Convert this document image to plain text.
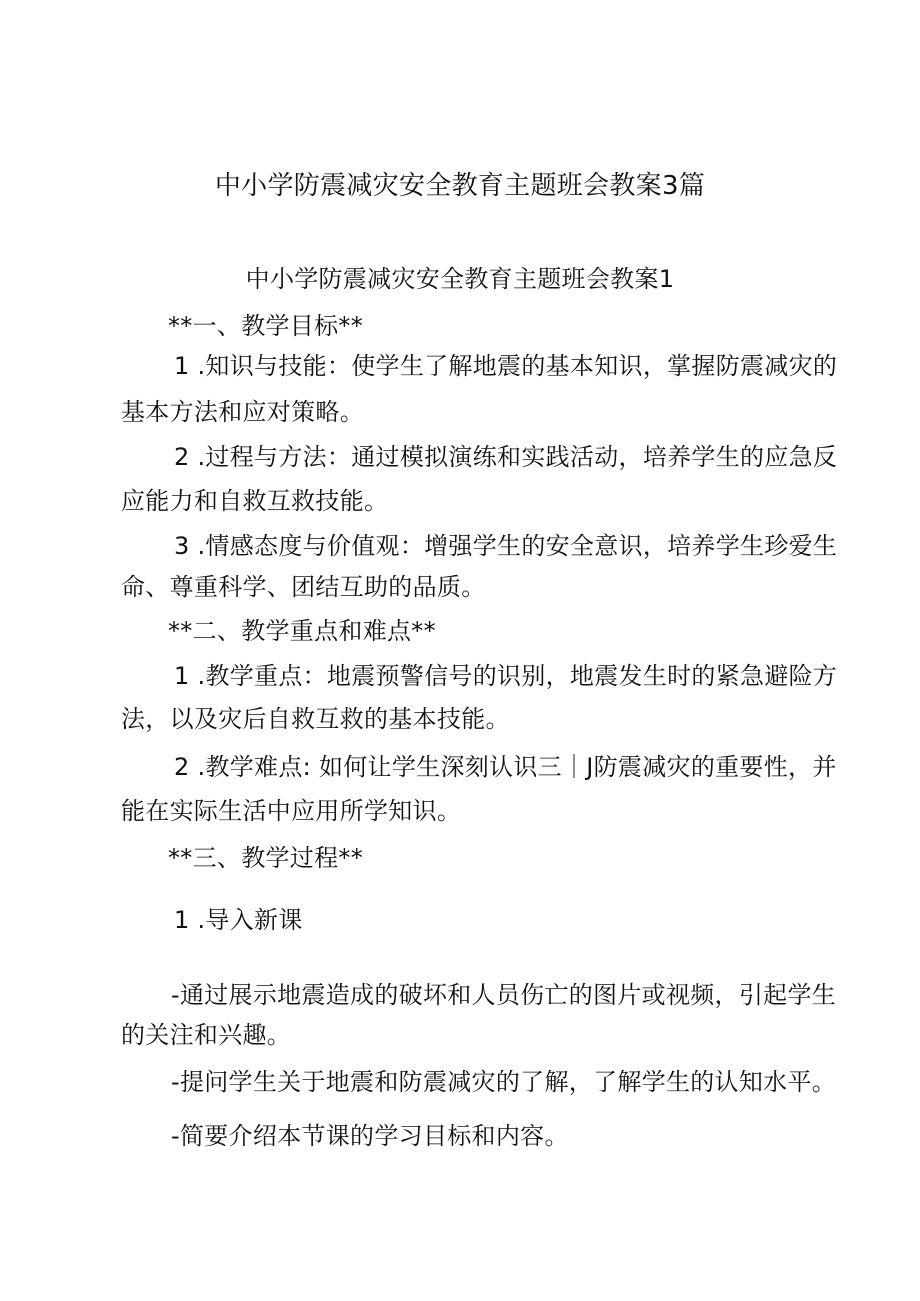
中小学防震减灾安全教育主题班会教案3篇
中小学防震减灾安全教育主题班会教案1
**一、教学目标**
1 .知识与技能：使学生了解地震的基本知识，掌握防震减灾的
基本方法和应对策略。
2 .过程与方法：通过模拟演练和实践活动，培养学生的应急反
应能力和自救互救技能。
3 .情感态度与价值观：增强学生的安全意识，培养学生珍爱生
命、尊重科学、团结互助的品质。
**二、教学重点和难点**
1 .教学重点：地震预警信号的识别，地震发生时的紧急避险方
法，以及灾后自救互救的基本技能。
2 .教学难点: 如何让学生深刻认识三｜J防震减灾的重要性，并
能在实际生活中应用所学知识。
**三、教学过程**
1 .导入新课
-通过展示地震造成的破坏和人员伤亡的图片或视频，引起学生
的关注和兴趣。
-提问学生关于地震和防震减灾的了解，了解学生的认知水平。
-简要介绍本节课的学习目标和内容。
